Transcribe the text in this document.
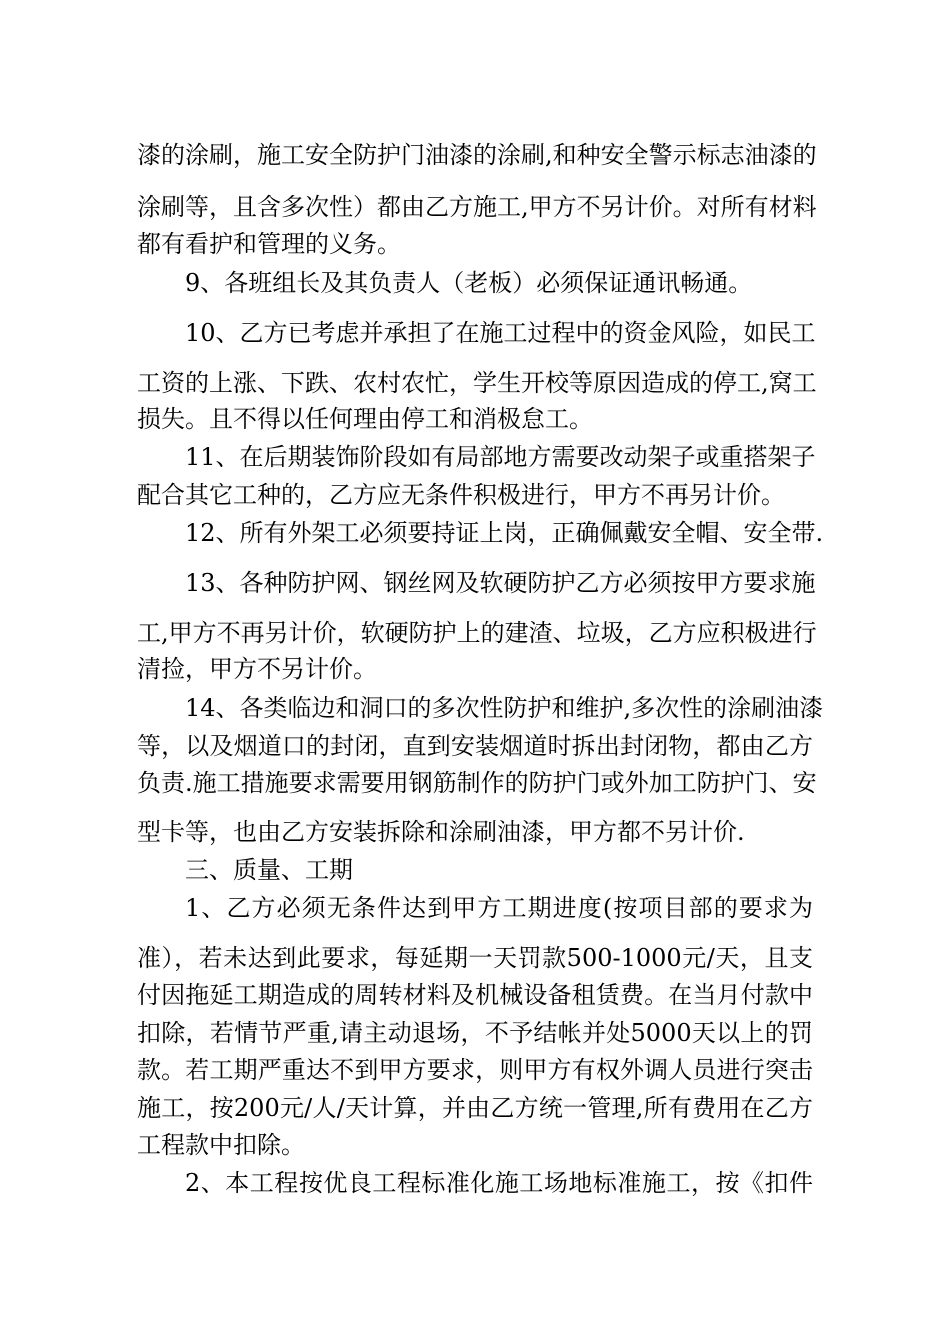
漆的涂刷，施工安全防护门油漆的涂刷,和种安全警示标志油漆的
涂刷等，且含多次性）都由乙方施工,甲方不另计价。对所有材料
都有看护和管理的义务。
9、各班组长及其负责人（老板）必须保证通讯畅通。
10、乙方已考虑并承担了在施工过程中的资金风险，如民工
工资的上涨、下跌、农村农忙，学生开校等原因造成的停工,窝工
损失。且不得以任何理由停工和消极怠工。
11、在后期装饰阶段如有局部地方需要改动架子或重搭架子
配合其它工种的，乙方应无条件积极进行，甲方不再另计价。
12、所有外架工必须要持证上岗，正确佩戴安全帽、安全带.
13、各种防护网、钢丝网及软硬防护乙方必须按甲方要求施
工,甲方不再另计价，软硬防护上的建渣、垃圾，乙方应积极进行
清捡，甲方不另计价。
14、各类临边和洞口的多次性防护和维护,多次性的涂刷油漆
等，以及烟道口的封闭，直到安装烟道时拆出封闭物，都由乙方
负责.施工措施要求需要用钢筋制作的防护门或外加工防护门、安
型卡等，也由乙方安装拆除和涂刷油漆，甲方都不另计价.
三、质量、工期
1、乙方必须无条件达到甲方工期进度(按项目部的要求为
准），若未达到此要求，每延期一天罚款500-1000元/天，且支
付因拖延工期造成的周转材料及机械设备租赁费。在当月付款中
扣除，若情节严重,请主动退场，不予结帐并处5000天以上的罚
款。若工期严重达不到甲方要求，则甲方有权外调人员进行突击
施工，按200元/人/天计算，并由乙方统一管理,所有费用在乙方
工程款中扣除。
2、本工程按优良工程标准化施工场地标准施工，按《扣件
